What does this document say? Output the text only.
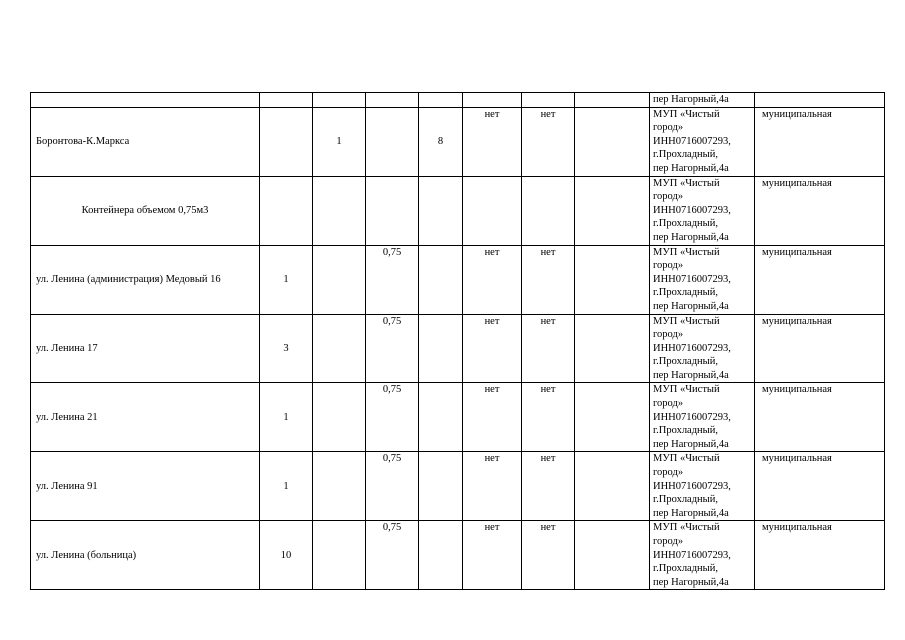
								пер Нагорный,4а	
Боронтова-К.Маркса		1		8	нет	нет		МУП «Чистый
город»
ИНН0716007293,
г.Прохладный,
пер Нагорный,4а	муниципальная
Контейнера объемом 0,75м3								МУП «Чистый
город»
ИНН0716007293,
г.Прохладный,
пер Нагорный,4а	муниципальная
ул. Ленина (администрация) Медовый 16	1		0,75		нет	нет		МУП «Чистый
город»
ИНН0716007293,
г.Прохладный,
пер Нагорный,4а	муниципальная
ул. Ленина 17	3		0,75		нет	нет		МУП «Чистый
город»
ИНН0716007293,
г.Прохладный,
пер Нагорный,4а	муниципальная
ул. Ленина 21	1		0,75		нет	нет		МУП «Чистый
город»
ИНН0716007293,
г.Прохладный,
пер Нагорный,4а	муниципальная
ул. Ленина 91	1		0,75		нет	нет		МУП «Чистый
город»
ИНН0716007293,
г.Прохладный,
пер Нагорный,4а	муниципальная
ул. Ленина (больница)	10		0,75		нет	нет		МУП «Чистый
город»
ИНН0716007293,
г.Прохладный,
пер Нагорный,4а	муниципальная
